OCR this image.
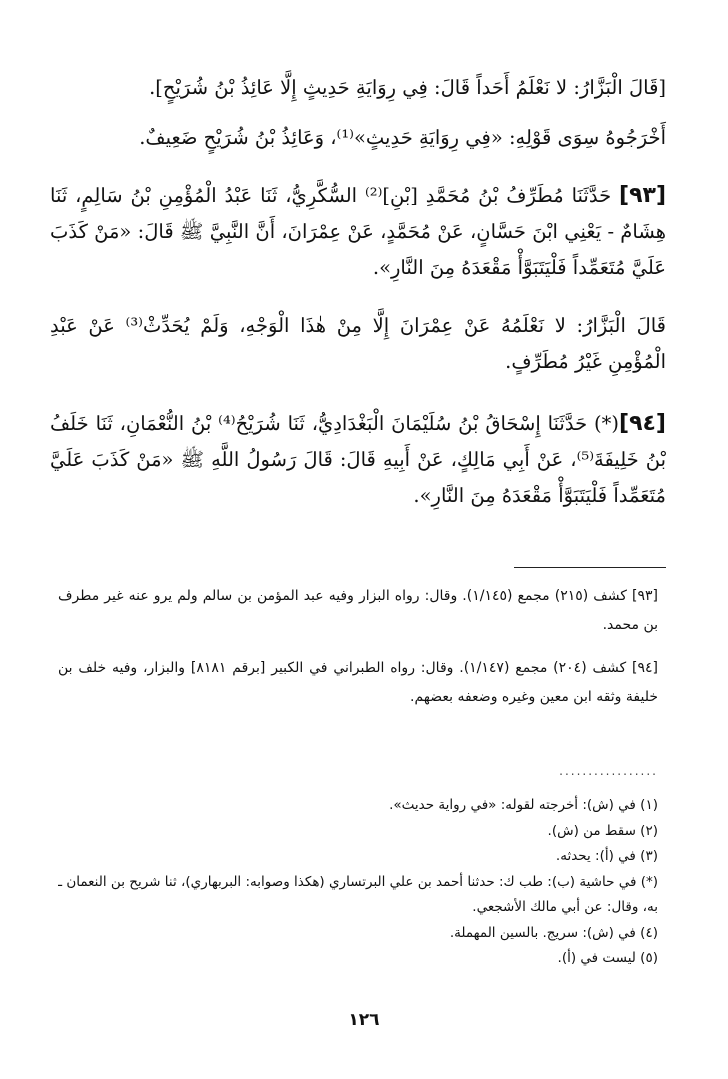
[قَالَ الْبَزَّارُ: لا نَعْلَمُ أَحَداً قَالَ: فِي رِوَايَةِ حَدِيثٍ إِلَّا عَائِذُ بْنُ شُرَيْحٍ].

أَخْرَجُوهُ سِوَى قَوْلِهِ: «فِي رِوَايَةِ حَدِيثٍ»⁽¹⁾، وَعَائِذُ بْنُ شُرَيْحٍ ضَعِيفٌ.

[٩٣] حَدَّثَنَا مُطَرِّفُ بْنُ مُحَمَّدِ [بْنِ]⁽²⁾ السُّكَّرِيُّ، ثَنَا عَبْدُ الْمُؤْمِنِ بْنُ سَالِمٍ، ثَنَا هِشَامٌ - يَعْنِي ابْنَ حَسَّانٍ، عَنْ مُحَمَّدٍ، عَنْ عِمْرَانَ، أَنَّ النَّبِيَّ ﷺ قَالَ: «مَنْ كَذَبَ عَلَيَّ مُتَعَمِّداً فَلْيَتَبَوَّأْ مَقْعَدَهُ مِنَ النَّارِ».

قَالَ الْبَزَّارُ: لا نَعْلَمُهُ عَنْ عِمْرَانَ إِلَّا مِنْ هٰذَا الْوَجْهِ، وَلَمْ يُحَدِّثْ⁽³⁾ عَنْ عَبْدِ الْمُؤْمِنِ غَيْرُ مُطَرِّفٍ.

[٩٤](*) حَدَّثَنَا إِسْحَاقُ بْنُ سُلَيْمَانَ الْبَغْدَادِيُّ، ثَنَا شُرَيْحُ⁽⁴⁾ بْنُ النُّعْمَانِ، ثَنَا خَلَفُ بْنُ خَلِيفَةَ⁽⁵⁾، عَنْ أَبِي مَالِكٍ، عَنْ أَبِيهِ قَالَ: قَالَ رَسُولُ اللَّهِ ﷺ «مَنْ كَذَبَ عَلَيَّ مُتَعَمِّداً فَلْيَتَبَوَّأْ مَقْعَدَهُ مِنَ النَّارِ».

[٩٣] كشف (٢١٥) مجمع (١/١٤٥). وقال: رواه البزار وفيه عبد المؤمن بن سالم ولم يرو عنه غير مطرف بن محمد.

[٩٤] كشف (٢٠٤) مجمع (١/١٤٧). وقال: رواه الطبراني في الكبير [برقم ٨١٨١] والبزار، وفيه خلف بن خليفة وثقه ابن معين وغيره وضعفه بعضهم.

.................

(١) في (ش): أخرجته لقوله: «في رواية حديث».

(٢) سقط من (ش).

(٣) في (أ): يحدثه.

(*) في حاشية (ب): طب ك: حدثنا أحمد بن علي البرتساري (هكذا وصوابه: البربهاري)، ثنا شريح بن النعمان ـ به، وقال: عن أبي مالك الأشجعي.

(٤) في (ش): سريج. بالسين المهملة.

(٥) ليست في (أ).

١٢٦
